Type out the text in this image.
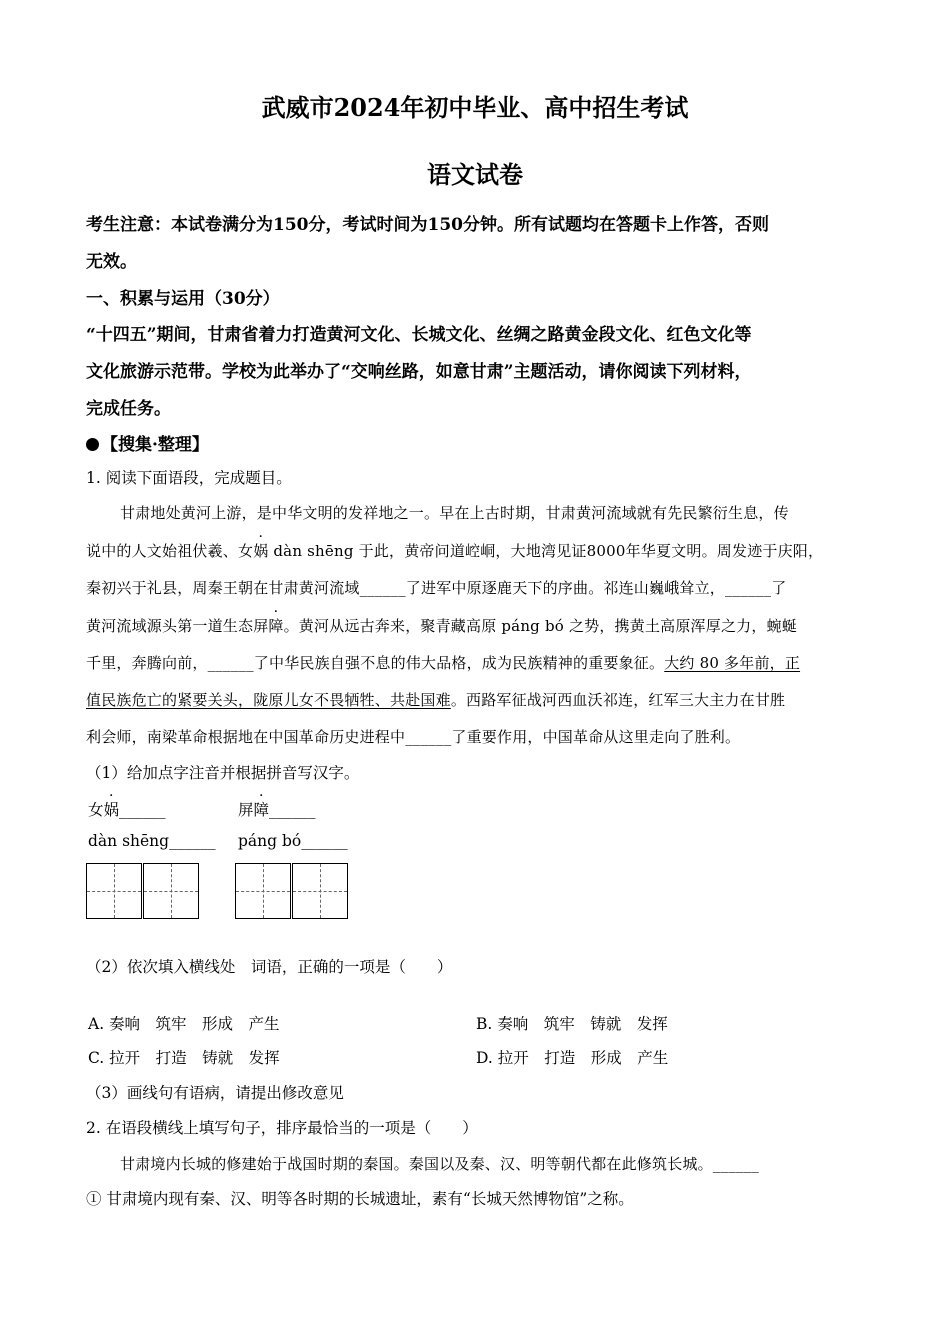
武威市2024年初中毕业、高中招生考试
语文试卷
考生注意：本试卷满分为150分，考试时间为150分钟。所有试题均在答题卡上作答，否则
无效。
一、积累与运用（30分）
“十四五”期间，甘肃省着力打造黄河文化、长城文化、丝绸之路黄金段文化、红色文化等
文化旅游示范带。学校为此举办了“交响丝路，如意甘肃”主题活动，请你阅读下列材料，
完成任务。
【搜集·整理】
1. 阅读下面语段，完成题目。
甘肃地处黄河上游，是中华文明的发祥地之一。早在上古时期，甘肃黄河流域就有先民繁衍生息，传
说中的人文始祖伏羲、女娲 dàn shēng 于此，黄帝问道崆峒，大地湾见证8000年华夏文明。周发迹于庆阳，
秦初兴于礼县，周秦王朝在甘肃黄河流域______了进军中原逐鹿天下的序曲。祁连山巍峨耸立，______了
黄河流域源头第一道生态屏障。黄河从远古奔来，聚青藏高原 páng bó 之势，携黄土高原浑厚之力，蜿蜒
千里，奔腾向前，______了中华民族自强不息的伟大品格，成为民族精神的重要象征。大约 80 多年前，正
值民族危亡的紧要关头，陇原儿女不畏牺牲、共赴国难。西路军征战河西血沃祁连，红军三大主力在甘胜
利会师，南梁革命根据地在中国革命历史进程中______了重要作用，中国革命从这里走向了胜利。
（1）给加点字注音并根据拼音写汉字。
女娲______	屏障______
dàn shēng______ páng bó______
（2）依次填入横线处　词语，正确的一项是（　　）
A. 奏响　筑牢　形成　产生	B. 奏响　筑牢　铸就　发挥
C. 拉开　打造　铸就　发挥	D. 拉开　打造　形成　产生
（3）画线句有语病，请提出修改意见
2. 在语段横线上填写句子，排序最恰当的一项是（　　）
甘肃境内长城的修建始于战国时期的秦国。秦国以及秦、汉、明等朝代都在此修筑长城。______
① 甘肃境内现有秦、汉、明等各时期的长城遗址，素有“长城天然博物馆”之称。
